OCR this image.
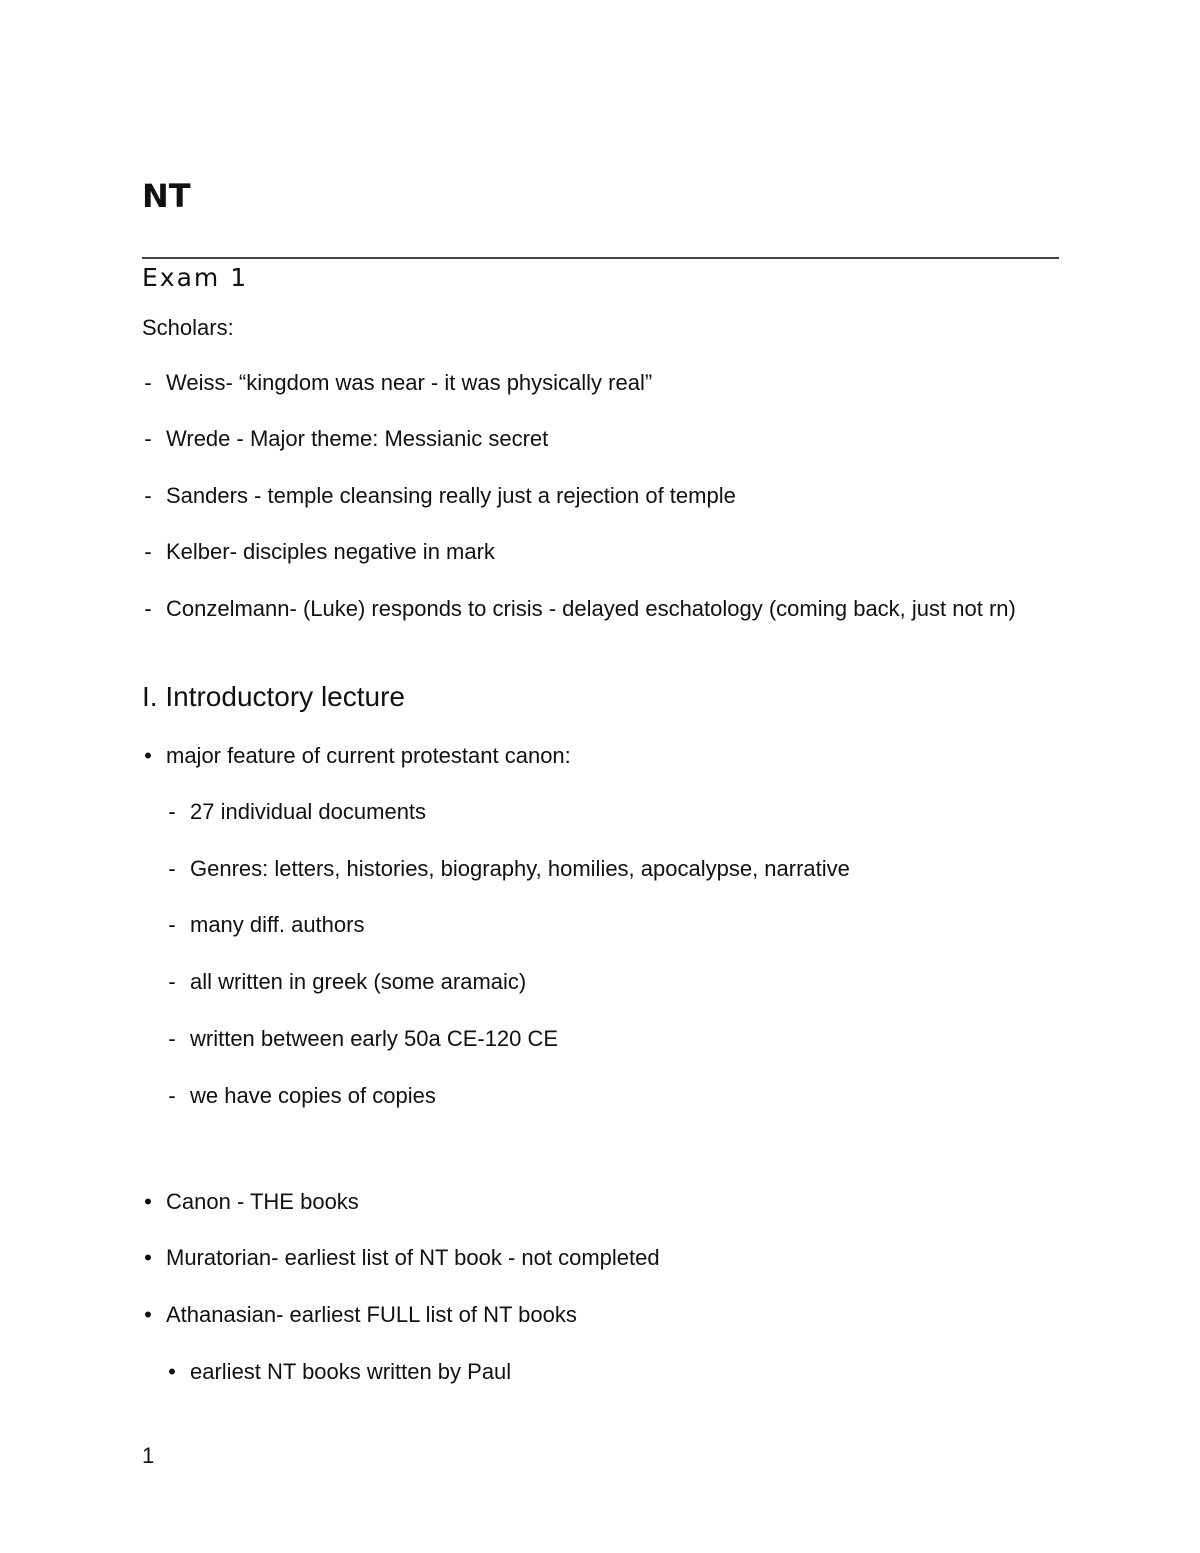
NT
Exam 1
Scholars:
- Weiss- “kingdom was near - it was physically real”
- Wrede - Major theme: Messianic secret
- Sanders - temple cleansing really just a rejection of temple
- Kelber- disciples negative in mark
- Conzelmann- (Luke) responds to crisis - delayed eschatology (coming back, just not rn)
I. Introductory lecture
• major feature of current protestant canon:
- 27 individual documents
- Genres: letters, histories, biography, homilies, apocalypse, narrative
- many diff. authors
- all written in greek (some aramaic)
- written between early 50a CE-120 CE
- we have copies of copies
• Canon - THE books
• Muratorian- earliest list of NT book - not completed
• Athanasian- earliest FULL list of NT books
• earliest NT books written by Paul
1
